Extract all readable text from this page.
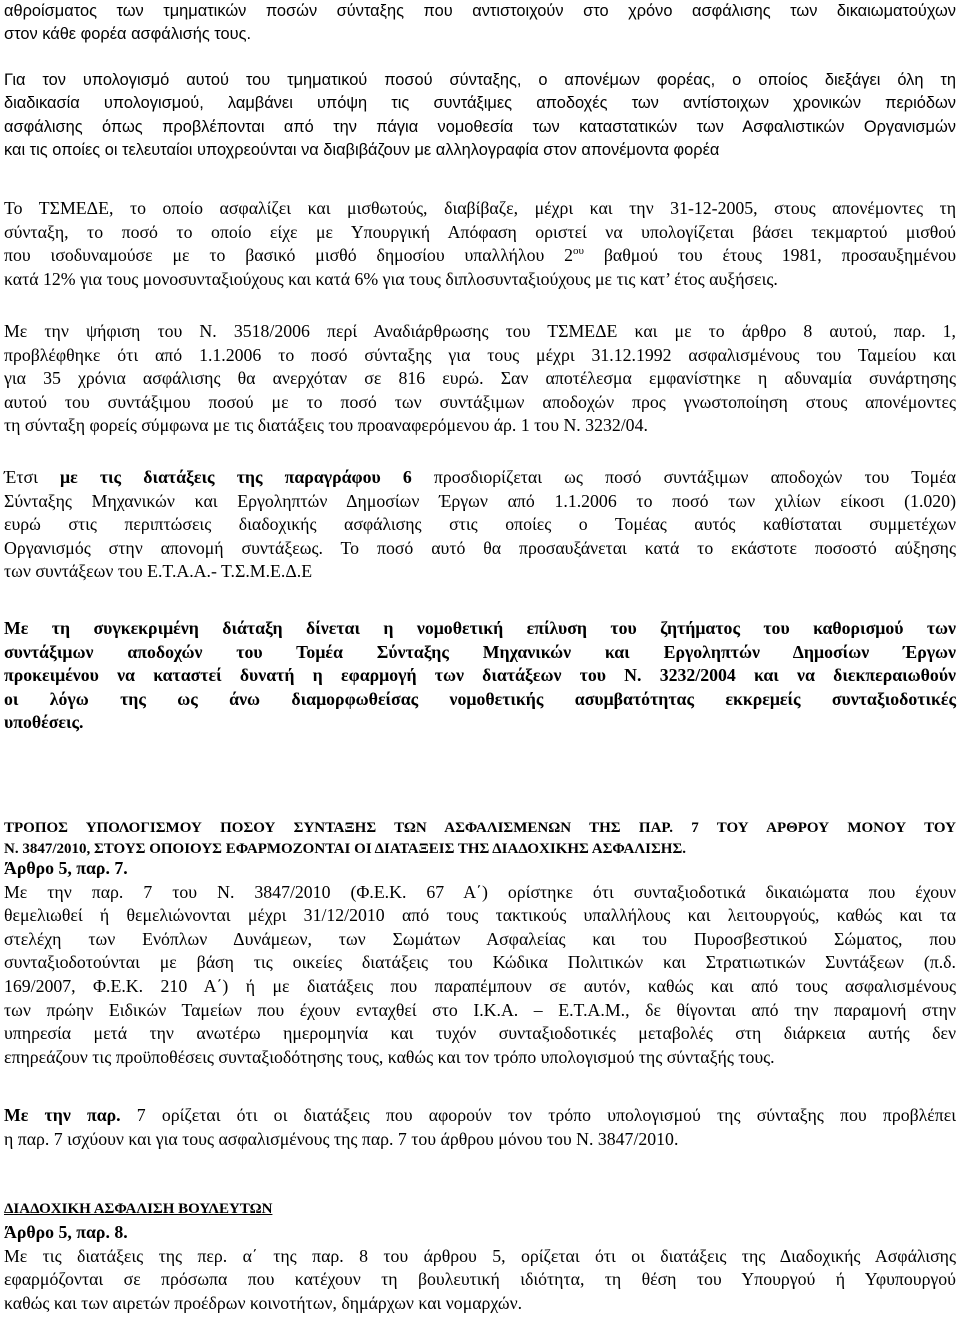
αθροίσματος των τμηματικών ποσών σύνταξης που αντιστοιχούν στο χρόνο ασφάλισης των δικαιωματούχων
στον κάθε φορέα ασφάλισής τους.
Για τον υπολογισμό αυτού του τμηματικού ποσού σύνταξης, ο απονέμων φορέας, ο οποίος διεξάγει όλη τη
διαδικασία υπολογισμού, λαμβάνει υπόψη τις συντάξιμες αποδοχές των αντίστοιχων χρονικών περιόδων
ασφάλισης όπως προβλέπονται από την πάγια νομοθεσία των καταστατικών των Ασφαλιστικών Οργανισμών
και τις οποίες οι τελευταίοι υποχρεούνται να διαβιβάζουν με αλληλογραφία στον απονέμοντα φορέα
Το ΤΣΜΕΔΕ, το οποίο ασφαλίζει και μισθωτούς, διαβίβαζε, μέχρι και την 31-12-2005, στους απονέμοντες τη
σύνταξη, το ποσό το οποίο είχε με Υπουργική Απόφαση οριστεί να υπολογίζεται βάσει τεκμαρτού μισθού
που ισοδυναμούσε με το βασικό μισθό δημοσίου υπαλλήλου $2^{o\upsilon}$ βαθμού του έτους 1981, προσαυξημένου
κατά 12% για τους μονοσυνταξιούχους και κατά 6% για τους διπλοσυνταξιούχους με τις κατ’ έτος αυξήσεις.
Με την ψήφιση του Ν. 3518/2006 περί Αναδιάρθρωσης του ΤΣΜΕΔΕ και με το άρθρο 8 αυτού, παρ. 1,
προβλέφθηκε ότι από 1.1.2006 το ποσό σύνταξης για τους μέχρι 31.12.1992 ασφαλισμένους του Ταμείου και
για 35 χρόνια ασφάλισης θα ανερχόταν σε 816 ευρώ. Σαν αποτέλεσμα εμφανίστηκε η αδυναμία συνάρτησης
αυτού του συντάξιμου ποσού με το ποσό των συντάξιμων αποδοχών προς γνωστοποίηση στους απονέμοντες
τη σύνταξη φορείς σύμφωνα με τις διατάξεις του προαναφερόμενου άρ. 1 του Ν. 3232/04.
Έτσι με τις διατάξεις της παραγράφου 6 προσδιορίζεται ως ποσό συντάξιμων αποδοχών του Τομέα
Σύνταξης Μηχανικών και Εργοληπτών Δημοσίων Έργων από 1.1.2006 το ποσό των χιλίων είκοσι (1.020)
ευρώ στις περιπτώσεις διαδοχικής ασφάλισης στις οποίες ο Τομέας αυτός καθίσταται συμμετέχων
Οργανισμός στην απονομή συντάξεως. Το ποσό αυτό θα προσαυξάνεται κατά το εκάστοτε ποσοστό αύξησης
των συντάξεων του Ε.Τ.Α.Α.- Τ.Σ.Μ.Ε.Δ.Ε
Με τη συγκεκριμένη διάταξη δίνεται η νομοθετική επίλυση του ζητήματος του καθορισμού των
συντάξιμων αποδοχών του Τομέα Σύνταξης Μηχανικών και Εργοληπτών Δημοσίων Έργων
προκειμένου να καταστεί δυνατή η εφαρμογή των διατάξεων του Ν. 3232/2004 και να διεκπεραιωθούν
οι λόγω της ως άνω διαμορφωθείσας νομοθετικής ασυμβατότητας εκκρεμείς συνταξιοδοτικές
υποθέσεις.
ΤΡΟΠΟΣ ΥΠΟΛΟΓΙΣΜΟΥ ΠΟΣΟΥ ΣΥΝΤΑΞΗΣ ΤΩΝ ΑΣΦΑΛΙΣΜΕΝΩΝ ΤΗΣ ΠΑΡ. 7 ΤΟΥ ΑΡΘΡΟΥ ΜΟΝΟΥ ΤΟΥ
Ν. 3847/2010, ΣΤΟΥΣ ΟΠΟΙΟΥΣ ΕΦΑΡΜΟΖΟΝΤΑΙ ΟΙ ΔΙΑΤΑΞΕΙΣ ΤΗΣ ΔΙΑΔΟΧΙΚΗΣ ΑΣΦΑΛΙΣΗΣ.
Άρθρο 5, παρ. 7.
Με την παρ. 7 του Ν. 3847/2010 (Φ.Ε.Κ. 67 Α΄) ορίστηκε ότι συνταξιοδοτικά δικαιώματα που έχουν
θεμελιωθεί ή θεμελιώνονται μέχρι 31/12/2010 από τους τακτικούς υπαλλήλους και λειτουργούς, καθώς και τα
στελέχη των Ενόπλων Δυνάμεων, των Σωμάτων Ασφαλείας και του Πυροσβεστικού Σώματος, που
συνταξιοδοτούνται με βάση τις οικείες διατάξεις του Κώδικα Πολιτικών και Στρατιωτικών Συντάξεων (π.δ.
169/2007, Φ.Ε.Κ. 210 Α΄) ή με διατάξεις που παραπέμπουν σε αυτόν, καθώς και από τους ασφαλισμένους
των πρώην Ειδικών Ταμείων που έχουν ενταχθεί στο Ι.Κ.Α. – Ε.Τ.Α.Μ., δε θίγονται από την παραμονή στην
υπηρεσία μετά την ανωτέρω ημερομηνία και τυχόν συνταξιοδοτικές μεταβολές στη διάρκεια αυτής δεν
επηρεάζουν τις προϋποθέσεις συνταξιοδότησης τους, καθώς και τον τρόπο υπολογισμού της σύνταξής τους.
Με την παρ. 7 ορίζεται ότι οι διατάξεις που αφορούν τον τρόπο υπολογισμού της σύνταξης που προβλέπει
η παρ. 7 ισχύουν και για τους ασφαλισμένους της παρ. 7 του άρθρου μόνου του Ν. 3847/2010.
ΔΙΑΔΟΧΙΚΗ ΑΣΦΑΛΙΣΗ ΒΟΥΛΕΥΤΩΝ
Άρθρο 5, παρ. 8.
Με τις διατάξεις της περ. α΄ της παρ. 8 του άρθρου 5, ορίζεται ότι οι διατάξεις της Διαδοχικής Ασφάλισης
εφαρμόζονται σε πρόσωπα που κατέχουν τη βουλευτική ιδιότητα, τη θέση του Υπουργού ή Υφυπουργού
καθώς και των αιρετών προέδρων κοινοτήτων, δημάρχων και νομαρχών.
